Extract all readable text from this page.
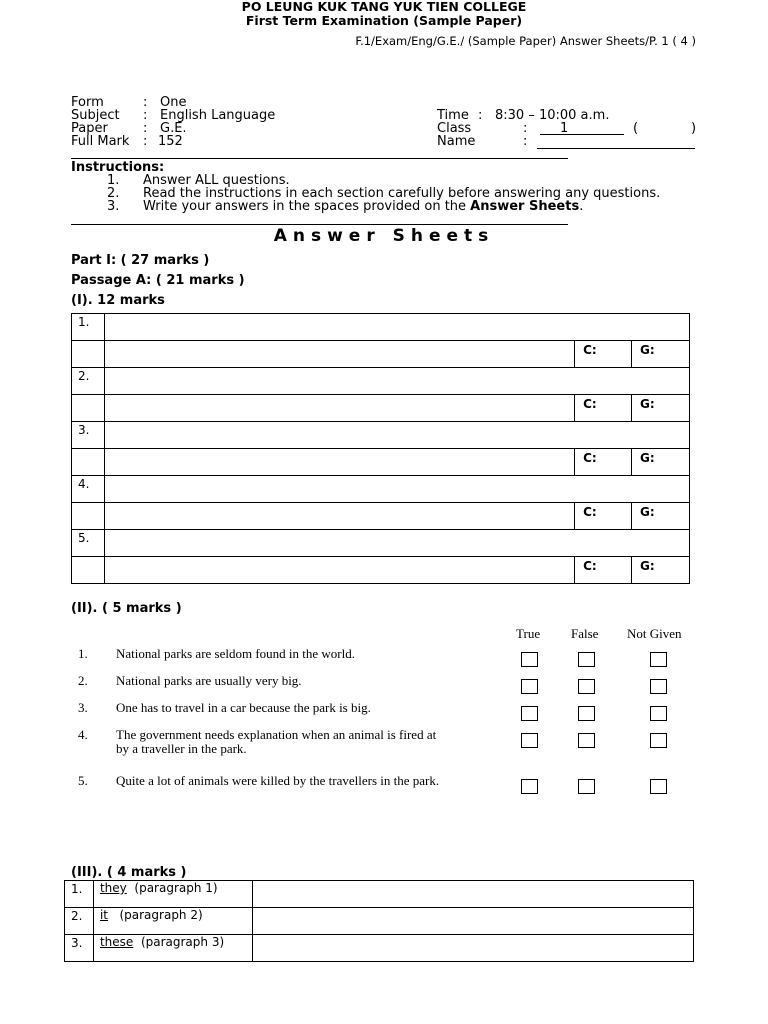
F.1/Exam/Eng/G.E./ (Sample Paper) Answer Sheets/P. 1 ( 4 )
PO LEUNG KUK TANG YUK TIEN COLLEGE
First Term Examination (Sample Paper)
Form	: One
Subject : English Language
Paper	: G.E.
Full Mark : 152
Time : 8:30 – 10:00 a.m.
Class	:	1	(	)
Name	:
Instructions:
1. Answer ALL questions.
2. Read the instructions in each section carefully before answering any questions.
3. Write your answers in the spaces provided on the Answer Sheets.
Answer Sheets
Part I: ( 27 marks )
Passage A: ( 21 marks )
(I). 12 marks
1.			
		C:	G:
2.			
		C:	G:
3.			
		C:	G:
4.			
		C:	G:
5.			
		C:	G:
(II). ( 5 marks )
True False Not Given
1. National parks are seldom found in the world.
2. National parks are usually very big.
3. One has to travel in a car because the park is big.
4. The government needs explanation when an animal is fired at
by a traveller in the park.
5. Quite a lot of animals were killed by the travellers in the park.
(III). ( 4 marks )
1.	they (paragraph 1)	
2.	it (paragraph 2)	
3.	these (paragraph 3)	
